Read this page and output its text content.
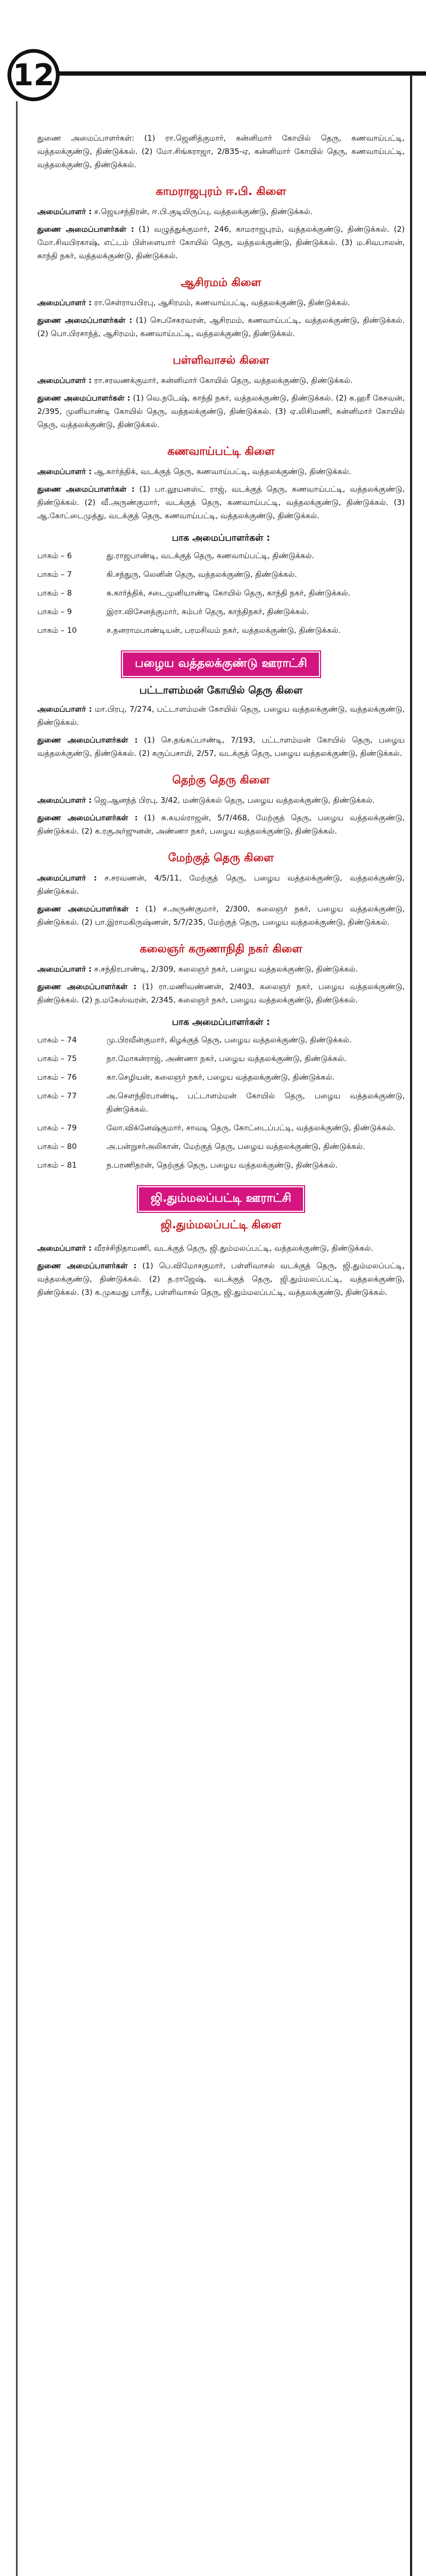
12

துணை அமைப்பாளர்கள்: (1) ரா.ஜெனித்குமார், கன்னிமார் கோயில் தெரு, கணவாய்பட்டி, வத்தலக்குண்டு, திண்டுக்கல். (2) மோ.சிங்கராஜா, 2/835-ஏ, கன்னிமார் கோயில் தெரு, கணவாய்பட்டி, வத்தலக்குண்டு, திண்டுக்கல்.

காமராஜபுரம் ஈ.பி. கிளை

அமைப்பாளர் : ச.ஜெயசந்திரன், ஈ.பி.குடியிருப்பு, வத்தலக்குண்டு, திண்டுக்கல்.

துணை அமைப்பாளர்கள் : (1) வழுத்துக்குமார், 246, காமராஜபுரம், வத்தலக்குண்டு, திண்டுக்கல். (2) மோ.சிவபிரகாஷ், எட்டம் பிள்ளையார் கோயில் தெரு, வத்தலக்குண்டு, திண்டுக்கல். (3) ம.சிவபாலன், காந்தி நகர், வத்தலக்குண்டு, திண்டுக்கல்.

ஆசிரமம் கிளை

அமைப்பாளர் : ரா.செள்ராயபிரபு, ஆசிரமம், கணவாய்பட்டி, வத்தலக்குண்டு, திண்டுக்கல்.

துணை அமைப்பாளர்கள் : (1) செபசேகரவரன், ஆசிரமம், கணவாய்பட்டி, வத்தலக்குண்டு, திண்டுக்கல். (2) பொ.பிரசாந்த், ஆசிரமம், கணவாய்பட்டி, வத்தலக்குண்டு, திண்டுக்கல்.

பள்ளிவாசல் கிளை

அமைப்பாளர் : ரா.சரவணக்குமார், கன்னிமார் கோயில் தெரு, வத்தலக்குண்டு, திண்டுக்கல்.

துணை அமைப்பாளர்கள் : (1) வெ.நடேஷ், காந்தி நகர், வத்தலக்குண்டு, திண்டுக்கல். (2) க.ஹரீ கேசவன், 2/395, முனியாண்டி கோயில் தெரு, வத்தலக்குண்டு, திண்டுக்கல். (3) ஏ.லிசிமணி, கன்னிமார் கோயில் தெரு, வத்தலக்குண்டு, திண்டுக்கல்.

கணவாய்பட்டி கிளை

அமைப்பாளர் : ஆ.கார்த்திக், வடக்குத் தெரு, கணவாய்பட்டி, வத்தலக்குண்டு, திண்டுக்கல்.

துணை அமைப்பாளர்கள் : (1) பா.லூயனஸ்ட் ராஜ், வடக்குத் தெரு, கணவாய்பட்டி, வத்தலக்குண்டு, திண்டுக்கல். (2) வீ.அருண்குமார், வடக்குத் தெரு, கணவாய்பட்டி, வத்தலக்குண்டு, திண்டுக்கல். (3) ஆ.கோட்டைமுத்து, வடக்குத் தெரு, கணவாய்பட்டி, வத்தலக்குண்டு, திண்டுக்கல்.

பாக அமைப்பாளர்கள் :
பாகம் – 6	து.ராஜபாண்டி, வடக்குத் தெரு, கணவாய்பட்டி, திண்டுக்கல்.
பாகம் – 7	கி.சந்துரு, லெனின் தெரு, வத்தலக்குண்டு, திண்டுக்கல்.
பாகம் – 8	க.கார்த்திக், சடைமுனியாண்டி கோயில் தெரு, காந்தி நகர், திண்டுக்கல்.
பாகம் – 9	இரா.விசேனத்குமார், கம்பர் தெரு, காந்திநகர், திண்டுக்கல்.
பாகம் – 10	ச.தனராமபாண்டியன், பரமசிவம் நகர், வத்தலக்குண்டு, திண்டுக்கல்.
பழைய வத்தலக்குண்டு ஊராட்சி
பட்டாளம்மன் கோயில் தெரு கிளை

அமைப்பாளர் : மா.பிரபு, 7/274, பட்டாளம்மன் கோயில் தெரு, பழைய வத்தலக்குண்டு, வத்தலக்குண்டு, திண்டுக்கல்.

துணை அமைப்பாளர்கள் : (1) செ.தங்கப்பாண்டி, 7/193, பட்டாளம்மன் கோயில் தெரு, பழைய வத்தலக்குண்டு, திண்டுக்கல். (2) கருப்பசாமி, 2/57, வடக்குத் தெரு, பழைய வத்தலக்குண்டு, திண்டுக்கல்.

தெற்கு தெரு கிளை

அமைப்பாளர் : ஜெ.ஆனந்த் பிரபு, 3/42, மண்டுக்கல் தெரு, பழைய வத்தலக்குண்டு, திண்டுக்கல்.

துணை அமைப்பாளர்கள் : (1) சு.கயல்ராஜன், 5/7/468, மேற்குத் தெரு, பழைய வத்தலக்குண்டு, திண்டுக்கல். (2) க.ரகுஅர்ஜுனன், அண்ணா நகர், பழைய வத்தலக்குண்டு, திண்டுக்கல்.

மேற்குத் தெரு கிளை

அமைப்பாளர் : ச.சரவணன், 4/5/11, மேற்குத் தெரு, பழைய வத்தலக்குண்டு, வத்தலக்குண்டு, திண்டுக்கல்.

துணை அமைப்பாளர்கள் : (1) ச.அருண்குமார், 2/300, கலைஞர் நகர், பழைய வத்தலக்குண்டு, திண்டுக்கல். (2) பா.இராமகிருஷ்ணன், 5/7/235, மேற்குத் தெரு, பழைய வத்தலக்குண்டு, திண்டுக்கல்.

கலைஞர் கருணாநிதி நகர் கிளை

அமைப்பாளர் : ச.சந்திரபாண்டி, 2/309, கலைஞர் நகர், பழைய வத்தலக்குண்டு, திண்டுக்கல்.

துணை அமைப்பாளர்கள் : (1) ரா.மணிவண்ணன், 2/403, கலைஞர் நகர், பழைய வத்தலக்குண்டு, திண்டுக்கல். (2) ந.மகேஸ்வரன், 2/345, கலைஞர் நகர், பழைய வத்தலக்குண்டு, திண்டுக்கல்.

பாக அமைப்பாளர்கள் :
பாகம் – 74	மு.பிரவீன்குமார், கிழக்குத் தெரு, பழைய வத்தலக்குண்டு, திண்டுக்கல்.
பாகம் – 75	நா.மோகன்ராஜ், அண்ணா நகர், பழைய வத்தலக்குண்டு, திண்டுக்கல்.
பாகம் – 76	கா.செழியன், கலைஞர் நகர், பழைய வத்தலக்குண்டு, திண்டுக்கல்.
பாகம் – 77	அ.செளந்திரபாண்டி, பட்டாளம்மன் கோயில் தெரு, பழைய வத்தலக்குண்டு, திண்டுக்கல்.
பாகம் – 79	லோ.விக்னேஷ்குமார், சாவடி தெரு, கோட்டைப்பட்டி, வத்தலக்குண்டு, திண்டுக்கல்.
பாகம் – 80	அ.பன்றுசர்அலிகான், மேற்குத் தெரு, பழைய வத்தலக்குண்டு, திண்டுக்கல்.
பாகம் – 81	ந.பரணிதரன், தெற்குத் தெரு, பழைய வத்தலக்குண்டு, திண்டுக்கல்.
ஜி.தும்மலப்பட்டி ஊராட்சி
ஜி.தும்மலப்பட்டி கிளை

அமைப்பாளர் : வீரச்சிநிதாமணி, வடக்குத் தெரு, ஜி.தும்மலப்பட்டி, வத்தலக்குண்டு, திண்டுக்கல்.

துணை அமைப்பாளர்கள் : (1) பெ.விமோசகுமார், பள்ளிவாசல் வடக்குத் தெரு, ஜி.தும்மலப்பட்டி, வத்தலக்குண்டு, திண்டுக்கல். (2) த.ராஜேஷ், வடக்குத் தெரு, ஜி.தும்மலப்பட்டி, வத்தலக்குண்டு, திண்டுக்கல். (3) க.முகமது பாரீத், பள்ளிவாசல் தெரு, ஜி.தும்மலப்பட்டி, வத்தலக்குண்டு, திண்டுக்கல்.
